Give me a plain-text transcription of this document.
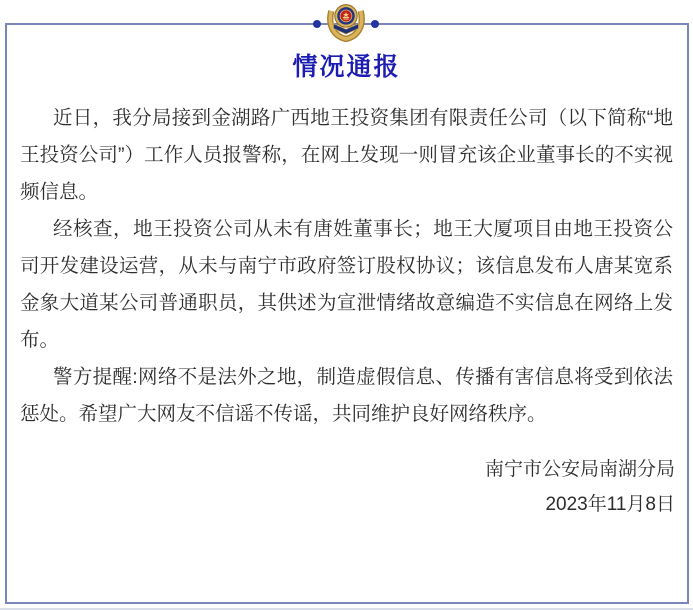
情况通报

近日，我分局接到金湖路广西地王投资集团有限责任公司（以下简称“地王投资公司”）工作人员报警称，在网上发现一则冒充该企业董事长的不实视频信息。

经核查，地王投资公司从未有唐姓董事长；地王大厦项目由地王投资公司开发建设运营，从未与南宁市政府签订股权协议；该信息发布人唐某宽系金象大道某公司普通职员，其供述为宣泄情绪故意编造不实信息在网络上发布。

警方提醒:网络不是法外之地，制造虚假信息、传播有害信息将受到依法惩处。希望广大网友不信谣不传谣，共同维护良好网络秩序。

南宁市公安局南湖分局

2023年11月8日
